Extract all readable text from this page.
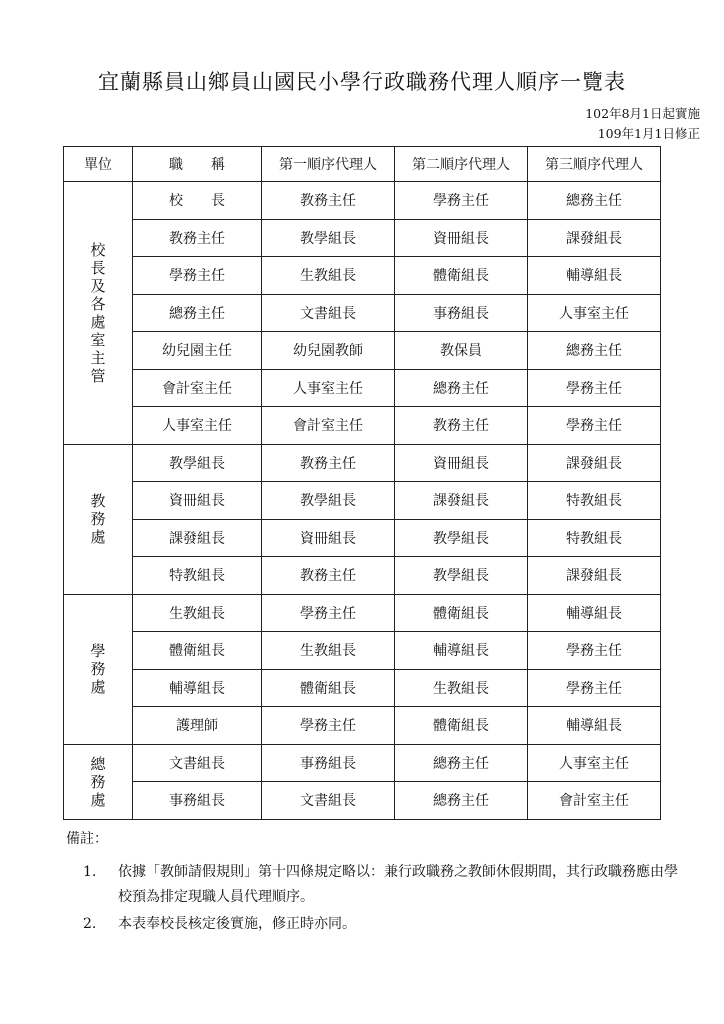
宜蘭縣員山鄉員山國民小學行政職務代理人順序一覽表
102年8月1日起實施
109年1月1日修正
單位	職　　稱	第一順序代理人	第二順序代理人	第三順序代理人
校長及各處室主管	校　　長	教務主任	學務主任	總務主任
	教務主任	教學組長	資冊組長	課發組長
	學務主任	生教組長	體衛組長	輔導組長
	總務主任	文書組長	事務組長	人事室主任
	幼兒園主任	幼兒園教師	教保員	總務主任
	會計室主任	人事室主任	總務主任	學務主任
	人事室主任	會計室主任	教務主任	學務主任
教務處	教學組長	教務主任	資冊組長	課發組長
	資冊組長	教學組長	課發組長	特教組長
	課發組長	資冊組長	教學組長	特教組長
	特教組長	教務主任	教學組長	課發組長
學務處	生教組長	學務主任	體衛組長	輔導組長
	體衛組長	生教組長	輔導組長	學務主任
	輔導組長	體衛組長	生教組長	學務主任
	護理師	學務主任	體衛組長	輔導組長
總務處	文書組長	事務組長	總務主任	人事室主任
	事務組長	文書組長	總務主任	會計室主任
備註：
1. 依據「教師請假規則」第十四條規定略以：兼行政職務之教師休假期間，其行政職務應由學校預為排定現職人員代理順序。
2. 本表奉校長核定後實施，修正時亦同。
